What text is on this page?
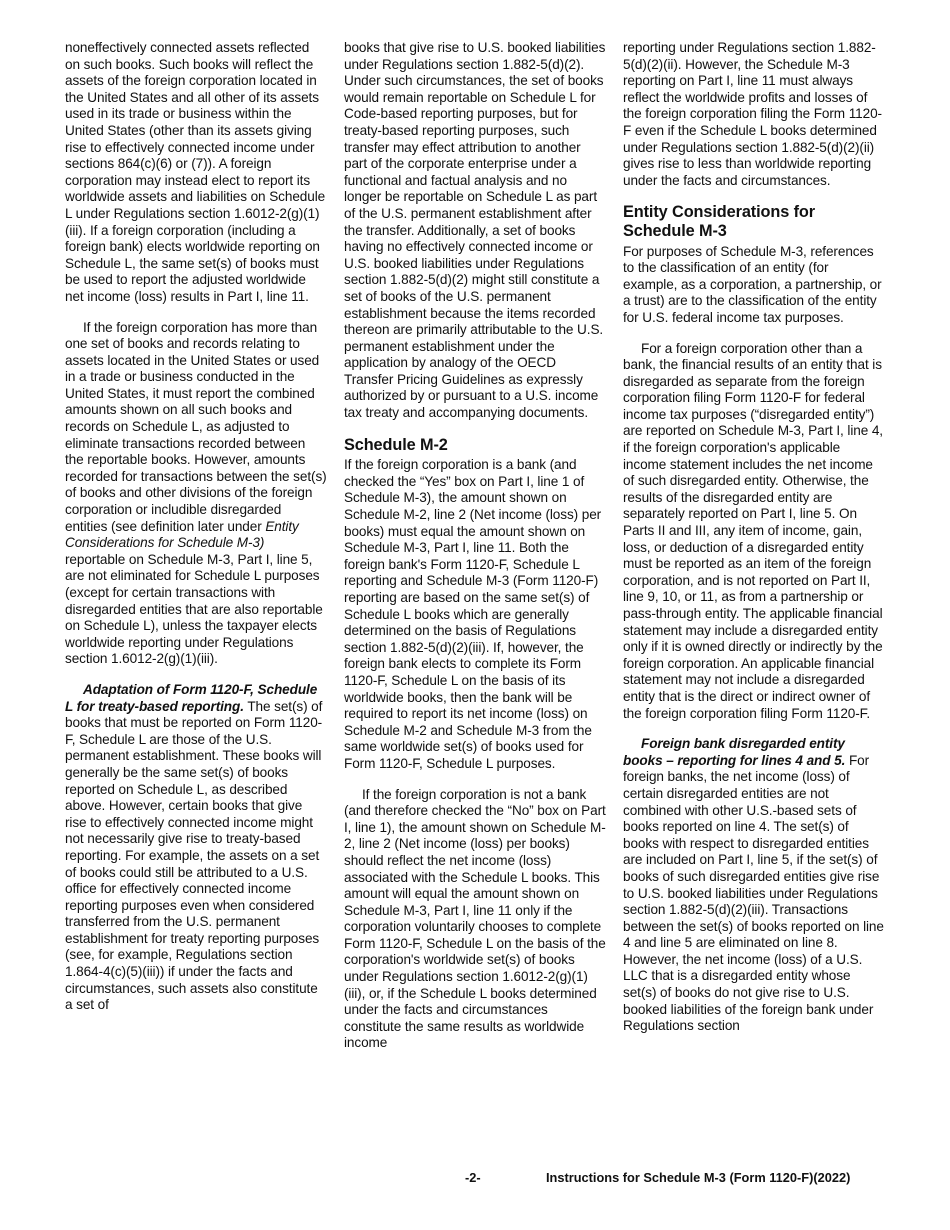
noneffectively connected assets reflected on such books. Such books will reflect the assets of the foreign corporation located in the United States and all other of its assets used in its trade or business within the United States (other than its assets giving rise to effectively connected income under sections 864(c)(6) or (7)). A foreign corporation may instead elect to report its worldwide assets and liabilities on Schedule L under Regulations section 1.6012-2(g)(1)(iii). If a foreign corporation (including a foreign bank) elects worldwide reporting on Schedule L, the same set(s) of books must be used to report the adjusted worldwide net income (loss) results in Part I, line 11.

If the foreign corporation has more than one set of books and records relating to assets located in the United States or used in a trade or business conducted in the United States, it must report the combined amounts shown on all such books and records on Schedule L, as adjusted to eliminate transactions recorded between the reportable books. However, amounts recorded for transactions between the set(s) of books and other divisions of the foreign corporation or includible disregarded entities (see definition later under Entity Considerations for Schedule M-3) reportable on Schedule M-3, Part I, line 5, are not eliminated for Schedule L purposes (except for certain transactions with disregarded entities that are also reportable on Schedule L), unless the taxpayer elects worldwide reporting under Regulations section 1.6012-2(g)(1)(iii).

Adaptation of Form 1120-F, Schedule L for treaty-based reporting. The set(s) of books that must be reported on Form 1120-F, Schedule L are those of the U.S. permanent establishment. These books will generally be the same set(s) of books reported on Schedule L, as described above. However, certain books that give rise to effectively connected income might not necessarily give rise to treaty-based reporting. For example, the assets on a set of books could still be attributed to a U.S. office for effectively connected income reporting purposes even when considered transferred from the U.S. permanent establishment for treaty reporting purposes (see, for example, Regulations section 1.864-4(c)(5)(iii)) if under the facts and circumstances, such assets also constitute a set of

books that give rise to U.S. booked liabilities under Regulations section 1.882-5(d)(2). Under such circumstances, the set of books would remain reportable on Schedule L for Code-based reporting purposes, but for treaty-based reporting purposes, such transfer may effect attribution to another part of the corporate enterprise under a functional and factual analysis and no longer be reportable on Schedule L as part of the U.S. permanent establishment after the transfer. Additionally, a set of books having no effectively connected income or U.S. booked liabilities under Regulations section 1.882-5(d)(2) might still constitute a set of books of the U.S. permanent establishment because the items recorded thereon are primarily attributable to the U.S. permanent establishment under the application by analogy of the OECD Transfer Pricing Guidelines as expressly authorized by or pursuant to a U.S. income tax treaty and accompanying documents.

Schedule M-2

If the foreign corporation is a bank (and checked the “Yes” box on Part I, line 1 of Schedule M-3), the amount shown on Schedule M-2, line 2 (Net income (loss) per books) must equal the amount shown on Schedule M-3, Part I, line 11. Both the foreign bank's Form 1120-F, Schedule L reporting and Schedule M-3 (Form 1120-F) reporting are based on the same set(s) of Schedule L books which are generally determined on the basis of Regulations section 1.882-5(d)(2)(iii). If, however, the foreign bank elects to complete its Form 1120-F, Schedule L on the basis of its worldwide books, then the bank will be required to report its net income (loss) on Schedule M-2 and Schedule M-3 from the same worldwide set(s) of books used for Form 1120-F, Schedule L purposes.

If the foreign corporation is not a bank (and therefore checked the “No” box on Part I, line 1), the amount shown on Schedule M-2, line 2 (Net income (loss) per books) should reflect the net income (loss) associated with the Schedule L books. This amount will equal the amount shown on Schedule M-3, Part I, line 11 only if the corporation voluntarily chooses to complete Form 1120-F, Schedule L on the basis of the corporation's worldwide set(s) of books under Regulations section 1.6012-2(g)(1)(iii), or, if the Schedule L books determined under the facts and circumstances constitute the same results as worldwide income

reporting under Regulations section 1.882-5(d)(2)(ii). However, the Schedule M-3 reporting on Part I, line 11 must always reflect the worldwide profits and losses of the foreign corporation filing the Form 1120-F even if the Schedule L books determined under Regulations section 1.882-5(d)(2)(ii) gives rise to less than worldwide reporting under the facts and circumstances.

Entity Considerations for Schedule M-3

For purposes of Schedule M-3, references to the classification of an entity (for example, as a corporation, a partnership, or a trust) are to the classification of the entity for U.S. federal income tax purposes.

For a foreign corporation other than a bank, the financial results of an entity that is disregarded as separate from the foreign corporation filing Form 1120-F for federal income tax purposes (“disregarded entity”) are reported on Schedule M-3, Part I, line 4, if the foreign corporation's applicable income statement includes the net income of such disregarded entity. Otherwise, the results of the disregarded entity are separately reported on Part I, line 5. On Parts II and III, any item of income, gain, loss, or deduction of a disregarded entity must be reported as an item of the foreign corporation, and is not reported on Part II, line 9, 10, or 11, as from a partnership or pass-through entity. The applicable financial statement may include a disregarded entity only if it is owned directly or indirectly by the foreign corporation. An applicable financial statement may not include a disregarded entity that is the direct or indirect owner of the foreign corporation filing Form 1120-F.

Foreign bank disregarded entity books – reporting for lines 4 and 5. For foreign banks, the net income (loss) of certain disregarded entities are not combined with other U.S.-based sets of books reported on line 4. The set(s) of books with respect to disregarded entities are included on Part I, line 5, if the set(s) of books of such disregarded entities give rise to U.S. booked liabilities under Regulations section 1.882-5(d)(2)(iii). Transactions between the set(s) of books reported on line 4 and line 5 are eliminated on line 8. However, the net income (loss) of a U.S. LLC that is a disregarded entity whose set(s) of books do not give rise to U.S. booked liabilities of the foreign bank under Regulations section

-2-	Instructions for Schedule M-3 (Form 1120-F)(2022)
